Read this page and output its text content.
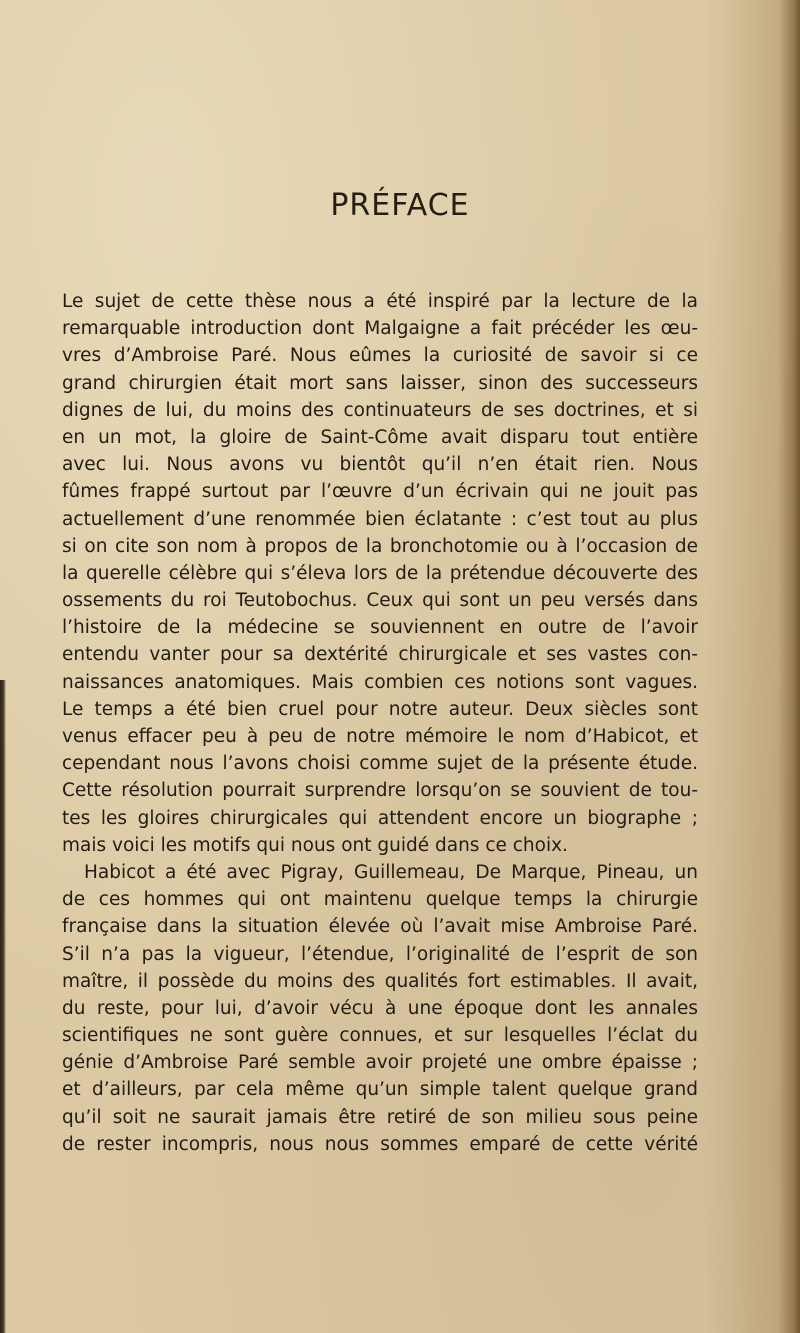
PRÉFACE
Le sujet de cette thèse nous a été inspiré par la lecture de la
remarquable introduction dont Malgaigne a fait précéder les œu-
vres d’Ambroise Paré. Nous eûmes la curiosité de savoir si ce
grand chirurgien était mort sans laisser, sinon des successeurs
dignes de lui, du moins des continuateurs de ses doctrines, et si
en un mot, la gloire de Saint-Côme avait disparu tout entière
avec lui. Nous avons vu bientôt qu’il n’en était rien. Nous
fûmes frappé surtout par l’œuvre d’un écrivain qui ne jouit pas
actuellement d’une renommée bien éclatante : c’est tout au plus
si on cite son nom à propos de la bronchotomie ou à l’occasion de
la querelle célèbre qui s’éleva lors de la prétendue découverte des
ossements du roi Teutobochus. Ceux qui sont un peu versés dans
l’histoire de la médecine se souviennent en outre de l’avoir
entendu vanter pour sa dextérité chirurgicale et ses vastes con-
naissances anatomiques. Mais combien ces notions sont vagues.
Le temps a été bien cruel pour notre auteur. Deux siècles sont
venus effacer peu à peu de notre mémoire le nom d’Habicot, et
cependant nous l’avons choisi comme sujet de la présente étude.
Cette résolution pourrait surprendre lorsqu’on se souvient de tou-
tes les gloires chirurgicales qui attendent encore un biographe ;
mais voici les motifs qui nous ont guidé dans ce choix.
Habicot a été avec Pigray, Guillemeau, De Marque, Pineau, un
de ces hommes qui ont maintenu quelque temps la chirurgie
française dans la situation élevée où l’avait mise Ambroise Paré.
S’il n’a pas la vigueur, l’étendue, l’originalité de l’esprit de son
maître, il possède du moins des qualités fort estimables. Il avait,
du reste, pour lui, d’avoir vécu à une époque dont les annales
scientifiques ne sont guère connues, et sur lesquelles l’éclat du
génie d’Ambroise Paré semble avoir projeté une ombre épaisse ;
et d’ailleurs, par cela même qu’un simple talent quelque grand
qu’il soit ne saurait jamais être retiré de son milieu sous peine
de rester incompris, nous nous sommes emparé de cette vérité
